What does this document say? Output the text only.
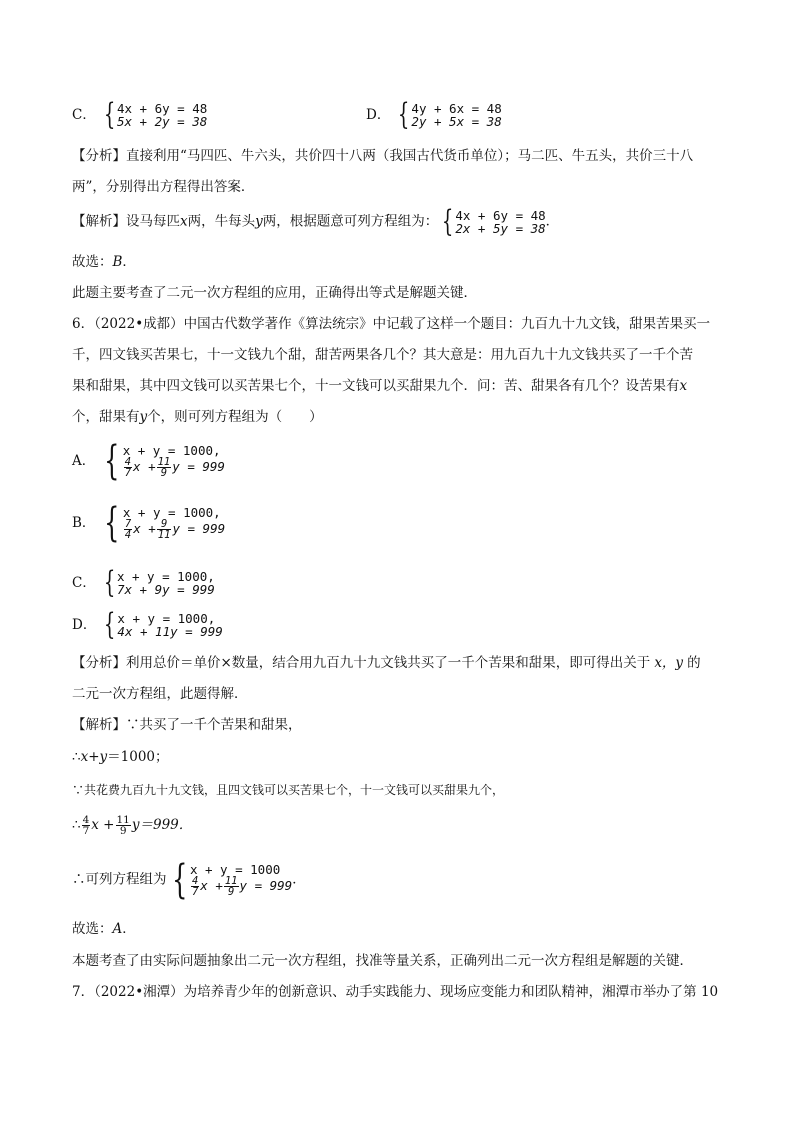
C． { 4x + 6y = 48
5x + 2y = 38	D． { 4y + 6x = 48
2y + 5x = 38
【分析】直接利用“马四匹、牛六头，共价四十八两（我国古代货币单位）；马二匹、牛五头，共价三十八
两”，分别得出方程得出答案．
【解析】设马每匹x两，牛每头y两，根据题意可列方程组为： { 4x + 6y = 48
2x + 5y = 38 ．
故选：B．
此题主要考查了二元一次方程组的应用，正确得出等式是解题关键．
6．（2022•成都）中国古代数学著作《算法统宗》中记载了这样一个题目：九百九十九文钱，甜果苦果买一
千，四文钱买苦果七，十一文钱九个甜，甜苦两果各几个？其大意是：用九百九十九文钱共买了一千个苦
果和甜果，其中四文钱可以买苦果七个，十一文钱可以买甜果九个．问：苦、甜果各有几个？设苦果有x
个，甜果有y个，则可列方程组为（　　）
A． { x + y = 1000,
$\frac{4}{7}$ $x + \frac{11}{9}$ y = 999
B． { x + y = 1000,
$\frac{7}{4}$ $x + \frac{9}{11}$ y = 999
C． { x + y = 1000,
7x + 9y = 999
D． { x + y = 1000,
4x + 11y = 999
【分析】利用总价＝单价×数量，结合用九百九十九文钱共买了一千个苦果和甜果，即可得出关于 x，y 的
二元一次方程组，此题得解．
【解析】∵共买了一千个苦果和甜果，
∴x+y＝1000；
∵共花费九百九十九文钱，且四文钱可以买苦果七个，十一文钱可以买甜果九个，
∴ $\frac{4}{7}$ $x + \frac{11}{9} y=999$．
∴可列方程组为 { x + y = 1000
$\frac{4}{7}$ $x + \frac{11}{9}$ y = 999 ．
故选：A．
本题考查了由实际问题抽象出二元一次方程组，找准等量关系，正确列出二元一次方程组是解题的关键．
7．（2022•湘潭）为培养青少年的创新意识、动手实践能力、现场应变能力和团队精神，湘潭市举办了第 10
